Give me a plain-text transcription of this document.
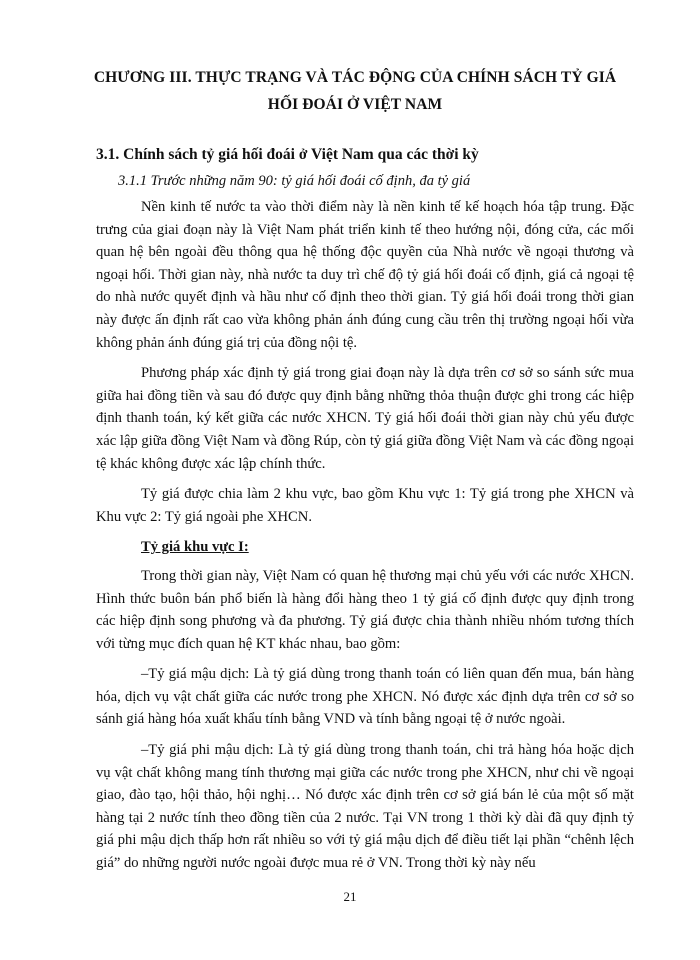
CHƯƠNG III. THỰC TRẠNG VÀ TÁC ĐỘNG CỦA CHÍNH SÁCH TỶ GIÁ HỐI ĐOÁI Ở VIỆT NAM
3.1. Chính sách tỷ giá hối đoái ở Việt Nam qua các thời kỳ
3.1.1 Trước những năm 90: tỷ giá hối đoái cố định, đa tỷ giá

Nền kinh tế nước ta vào thời điểm này là nền kinh tế kế hoạch hóa tập trung. Đặc trưng của giai đoạn này là Việt Nam phát triển kinh tế theo hướng nội, đóng cửa, các mối quan hệ bên ngoài đều thông qua hệ thống độc quyền của Nhà nước về ngoại thương và ngoại hối. Thời gian này, nhà nước ta duy trì chế độ tỷ giá hối đoái cố định, giá cả ngoại tệ do nhà nước quyết định và hầu như cố định theo thời gian. Tỷ giá hối đoái trong thời gian này được ấn định rất cao vừa không phản ánh đúng cung cầu trên thị trường ngoại hối vừa không phản ánh đúng giá trị của đồng nội tệ.

Phương pháp xác định tỷ giá trong giai đoạn này là dựa trên cơ sở so sánh sức mua giữa hai đồng tiền và sau đó được quy định bằng những thỏa thuận được ghi trong các hiệp định thanh toán, ký kết giữa các nước XHCN. Tỷ giá hối đoái thời gian này chủ yếu được xác lập giữa đồng Việt Nam và đồng Rúp, còn tỷ giá giữa đồng Việt Nam và các đồng ngoại tệ khác không được xác lập chính thức.

Tỷ giá được chia làm 2 khu vực, bao gồm Khu vực 1: Tỷ giá trong phe XHCN và Khu vực 2: Tỷ giá ngoài phe XHCN.

Tỷ giá khu vực I:

Trong thời gian này, Việt Nam có quan hệ thương mại chủ yếu với các nước XHCN. Hình thức buôn bán phổ biến là hàng đổi hàng theo 1 tỷ giá cố định được quy định trong các hiệp định song phương và đa phương. Tỷ giá được chia thành nhiều nhóm tương thích với từng mục đích quan hệ KT khác nhau, bao gồm:

–Tỷ giá mậu dịch: Là tỷ giá dùng trong thanh toán có liên quan đến mua, bán hàng hóa, dịch vụ vật chất giữa các nước trong phe XHCN. Nó được xác định dựa trên cơ sở so sánh giá hàng hóa xuất khẩu tính bằng VND và tính bằng ngoại tệ ở nước ngoài.

–Tỷ giá phi mậu dịch: Là tỷ giá dùng trong thanh toán, chi trả hàng hóa hoặc dịch vụ vật chất không mang tính thương mại giữa các nước trong phe XHCN, như chi về ngoại giao, đào tạo, hội thảo, hội nghị… Nó được xác định trên cơ sở giá bán lẻ của một số mặt hàng tại 2 nước tính theo đồng tiền của 2 nước. Tại VN trong 1 thời kỳ dài đã quy định tỷ giá phi mậu dịch thấp hơn rất nhiều so với tỷ giá mậu dịch để điều tiết lại phần “chênh lệch giá” do những người nước ngoài được mua rẻ ở VN. Trong thời kỳ này nếu

21
